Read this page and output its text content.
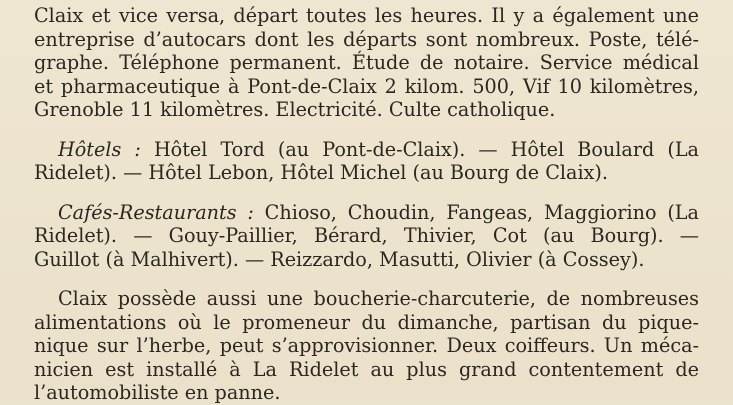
Claix et vice versa, départ toutes les heures. Il y a également une
entreprise d’autocars dont les départs sont nombreux. Poste, télé-
graphe. Téléphone permanent. Étude de notaire. Service médical
et pharmaceutique à Pont-de-Claix 2 kilom. 500, Vif 10 kilomètres,
Grenoble 11 kilomètres. Electricité. Culte catholique.

Hôtels : Hôtel Tord (au Pont-de-Claix). — Hôtel Boulard (La
Ridelet). — Hôtel Lebon, Hôtel Michel (au Bourg de Claix).

Cafés-Restaurants : Chioso, Choudin, Fangeas, Maggiorino (La
Ridelet). — Gouy-Paillier, Bérard, Thivier, Cot (au Bourg). —
Guillot (à Malhivert). — Reizzardo, Masutti, Olivier (à Cossey).

Claix possède aussi une boucherie-charcuterie, de nombreuses
alimentations où le promeneur du dimanche, partisan du pique-
nique sur l’herbe, peut s’approvisionner. Deux coiffeurs. Un méca-
nicien est installé à La Ridelet au plus grand contentement de
l’automobiliste en panne.
